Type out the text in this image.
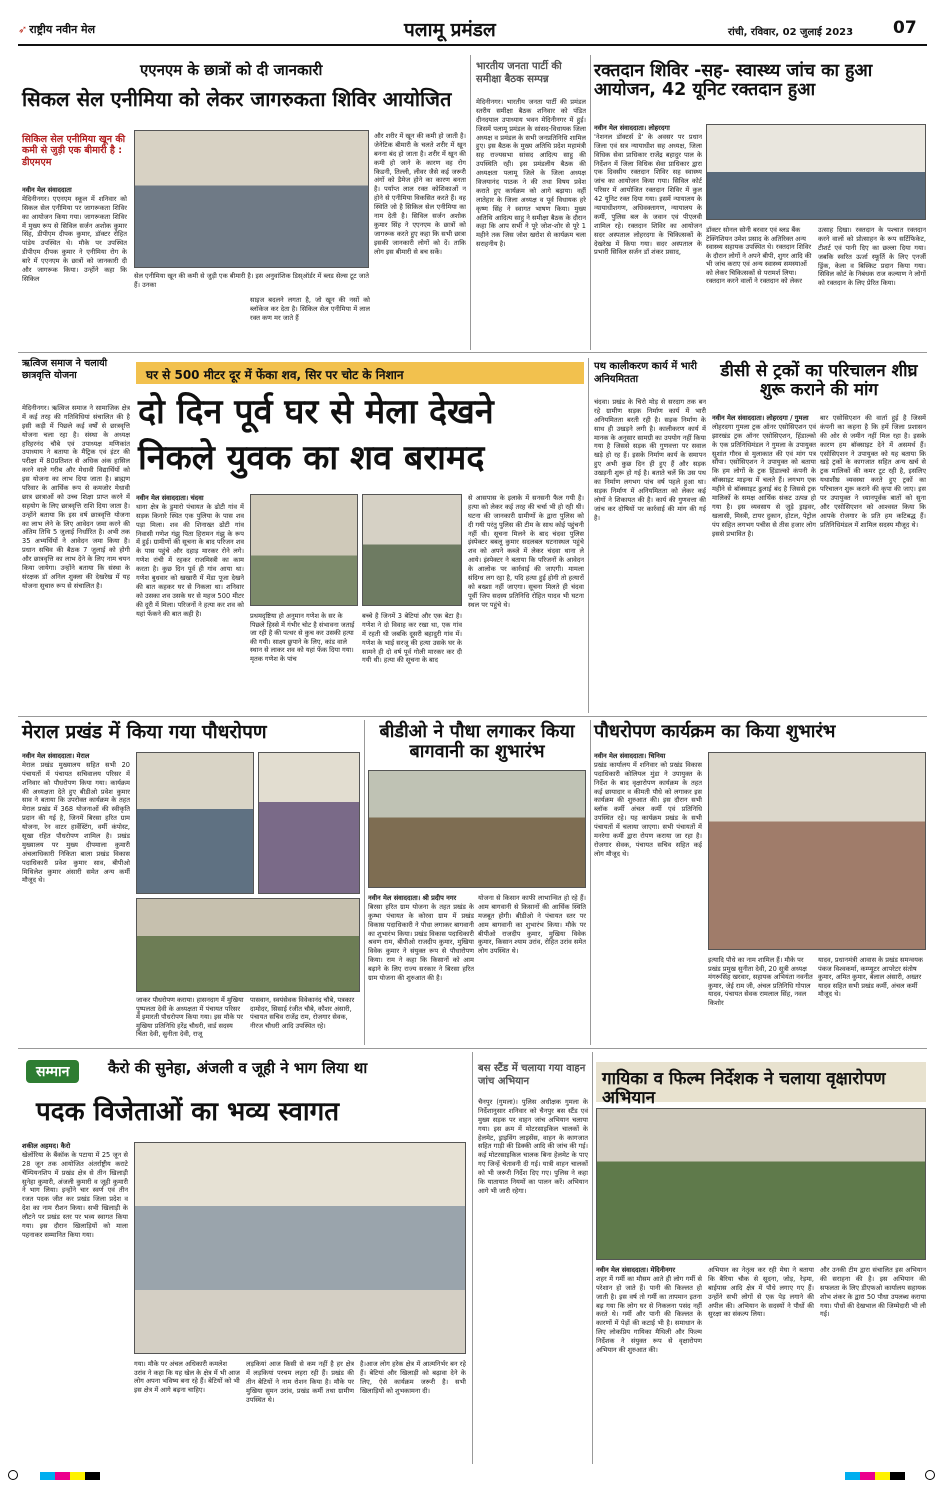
➶ राष्ट्रीय नवीन मेल	पलामू प्रमंडल	रांची, रविवार, 02 जुलाई 2023 07
एएनएम के छात्रों को दी जानकारी
सिकल सेल एनीमिया को लेकर जागरुकता शिविर आयोजित
सिकिल सेल एनीमिया खून की कमी से जुड़ी एक बीमारी है : डीएमएम
नवीन मेल संवाददाता
मेदिनीनगर। एएनएम स्कूल में शनिवार को सिकल सेल एनीमिया पर जागरूकता शिविर का आयोजन किया गया। जागरूकता शिविर में मुख्य रूप से सिविल सर्जन अशोक कुमार सिंह, डीपीएम दीपक कुमार, डॉक्टर रोहित पांडेय उपस्थित थे। मौके पर उपस्थित डीपीएम दीपक कुमार ने एनीमिया रोग के बारे में एएनएम के छात्रों को जानकारी दी और जागरूक किया। उन्होंने कहा कि सिकिल	सेल एनीमिया खून की कमी से जुड़ी एक बीमारी है। इस अनुवांशिक डिस्ऑर्डर में ब्लड सेल्स टूट जाते हैं। उनका
और शरीर में खून की कमी हो जाती है। जेनेटिक बीमारी के चलते शरीर में खून बनना बंद हो जाता है। शरीर में खून की कमी हो जाने के कारण वह रोग किडनी, तिल्ली, लीवर जैसे कई जरूरी अंगों को डैमेज होने का कारण बनता है। पर्याप्त लाल रक्त कोशिकाओं न होने से एनीमिया विकसित करते हैं। वह स्थिति जो है सिकिल सेल एनीमिया का नाम देती है। सिविल सर्जन अशोक कुमार सिंह ने एएनएम के छात्रों को जागरूक करते हुए कहा कि सभी छात्रा इसकी जानकारी लोगों को दें। ताकि लोग इस बीमारी से बच सकें।
साइज बदलने लगता है, जो खून की नसों को ब्लॉकेज कर देता है। सिकिल सेल एनीमिया में लाल रक्त कण मर जाते हैं
भारतीय जनता पार्टी की समीक्षा बैठक सम्पन्न
मेदिनीनगर। भारतीय जनता पार्टी की प्रमंडल स्तरीय समीक्षा बैठक शनिवार को पंडित दीनदयाल उपाध्याय भवन मेदिनीनगर में हुई। जिसमें पलामू प्रमंडल के सांसद-विधायक जिला अध्यक्ष व प्रमंडल के सभी जनप्रतिनिधि शामिल हुए। इस बैठक के मुख्य अतिथि प्रदेश महामंत्री सह राज्यसभा सांसद आदित्य साहु की उपस्थिति रही। इस प्रमंडलीय बैठक की अध्यक्षता पलामू जिले के जिला अध्यक्ष विजयानंद पाठक ने की तथा विषय प्रवेश कराते हुए कार्यक्रम को आगे बढ़ाया। वहीं लातेहार के जिला अध्यक्ष व पूर्व विधायक हरे कृष्ण सिंह ने स्वागत भाषण किया। मुख्य अतिथि आदित्य साहु ने समीक्षा बैठक के दौरान कहा कि आप सभी ने पूरे जोश-शोर से पूरे 1 महीने तक जिस जोश खरोश से कार्यक्रम चला सराहनीय है।
रक्तदान शिविर -सह- स्वास्थ्य जांच का हुआ आयोजन, 42 यूनिट रक्तदान हुआ
नवीन मेल संवाददाता। लोहरदगा
'नेशनल डॉक्टर्स डे' के अवसर पर प्रधान जिला एवं सत्र न्यायाधीश सह अध्यक्ष, जिला विधिक सेवा प्राधिकार राजेंद्र बहादुर पाल के निर्देशन में जिला विधिक सेवा प्राधिकार द्वारा एक दिवसीय रक्तदान शिविर सह स्वास्थ्य जांच का आयोजन किया गया। सिविल कोर्ट परिसर में आयोजित रक्तदान शिविर में कुल 42 यूनिट रक्त दिया गया। इसमें न्यायालय के न्यायाधीशगण, अधिवक्तागण, न्यायालय के कर्मी, पुलिस बल के जवान एवं पीएलवी शामिल रहे। रक्तदान शिविर का आयोजन सदर अस्पताल लोहरदगा के चिकित्सकों के देखरेख में किया गया। सदर अस्पताल के प्रभारी सिविल सर्जन डॉ शंकर प्रसाद,
डॉक्टर सोनल सोनी बरवार एवं ब्लड बैंक टेक्निशियन उमेश प्रसाद के अतिरिक्त अन्य स्वास्थ्य सहायक उपस्थित थे। रक्तदान शिविर के दौरान लोगों ने अपने बीपी, शुगर आदि की भी जांच कराए एवं अन्य स्वास्थ्य समस्याओं को लेकर चिकित्सकों से परामर्श लिया। रक्तदान करने वालों ने रक्तदान को लेकर
उत्साह दिखा। रक्तदान के पश्चात रक्तदान करने वालों को प्रोत्साहन के रूप सर्टिफिकेट, टीशर्ट एवं पानी दिए का छल्ला दिया गया। जबकि स्वरित ऊर्जा स्फूर्ति के लिए एनर्जी ड्रिंक, केला व बिस्किट प्रदान किया गया। सिविल कोर्ट के निबंधक राज कल्याण ने लोगों को रक्तदान के लिए प्रेरित किया।
ऋत्विज समाज ने चलायी छात्रवृत्ति योजना
मेदिनीनगर। ऋत्विज समाज ने सामाजिक क्षेत्र में कई तरह की गतिविधियां संचालित की है इसी कड़ी में पिछले कई वर्षों से छात्रवृत्ति योजना चला रहा है। संस्था के अध्यक्ष हरिहरनंद चौबे एवं उपाध्यक्ष मणिकांत उपाध्याय ने बताया के मैट्रिक एवं इंटर की परीक्षा में 80प्रतिशत से अधिक अंक हासिल करने वाले गरीब और मेधावी विद्यार्थियों को इस योजना का लाभ दिया जाता है। ब्राह्मण परिवार के आर्थिक रूप से कमजोर मेधावी छात्र छात्राओं को उच्च शिक्षा प्राप्त करने में सहयोग के लिए छात्रवृत्ति राशि दिया जाता है। उन्होंने बताया कि इस वर्ष छात्रवृत्ति योजना का लाभ लेने के लिए आवेदन जमा करने की अंतिम तिथि 5 जुलाई निर्धारित है। अभी तक 35 अभ्यर्थियों ने आवेदन जमा किया है। प्रधान सचिव की बैठक 7 जुलाई को होगी और छात्रवृत्ति का लाभ देने के लिए नाम चयन किया जायेगा। उन्होंने बताया कि संस्था के संरक्षक डॉ अनिल शुक्ला की देखरेख में यह योजना सुचारु रूप से संचालित है।
घर से 500 मीटर दूर में फेंका शव, सिर पर चोट के निशान
दो दिन पूर्व घर से मेला देखने
निकले युवक का शव बरामद
नवीन मेल संवाददाता। चंदवा
थाना क्षेत्र के डुमारो पंचायत के ढोटी गांव में सड़क किनारे स्थित एक पुलिया के पास शव पड़ा मिला। शव की शिनाख्त ढोटी गांव निवासी गणेश गंझु पिता हिरामन गंझु के रूप में हुई। ग्रामीणों की सूचना के बाद परिजन शव के पास पहुंचे और दहाड़ मारकर रोने लगे। गणेश रांची में रहकर राजमिस्त्री का काम करता है। कुछ दिन पूर्व ही गांव आया था।गणेश बुधवार को खखारी में मेंडा पूजा देखने की बात कहकर घर से निकला था। शनिवार को उसका शव उसके घर से महज 500 मीटर की दूरी में मिला। परिजनों ने हत्या कर शव को यहां फेंकने की बात कही है।	प्रथमदृष्टिया हो अनुमान गणेश के सर के पिछले हिस्से में गंभीर चोट है संभावना जताई जा रही है की पत्थर से कुच कर उसकी हत्या की गयी। साक्ष्य छुपाने के लिए, कांड वाले स्थान से लाकर शव को यहां फेंक दिया गया। मृतक गणेश के पांच
बच्चे है जिनमें 3 बेटियां और एक बेटा है। गणेश ने दो विवाह कर रखा था, एक गांव में रहती थी जबकि दूसरी बहादुरी गांव में। गणेश के भाई सरजू की हत्या उसके घर के सामने ही दो वर्ष पूर्व गोली मारकर कर दी गयी थी। हत्या की सूचना के बाद
से आसपास के इलाके में सनसनी फैल गयी है। हत्या को लेकर कई तरह की चर्चा भी हो रही थी। घटना की जानकारी ग्रामीणों के द्वारा पुलिस को दी गयी परंतु पुलिस की टीम के साथ कोई पहुंचनी नहीं थी। सूचना मिलने के बाद चंदवा पुलिस इंस्पेक्टर बबलू कुमार सदलबल घटनास्थल पहुंचे शव को अपने कब्जे में लेकर चंदवा थाना ले आये। इंस्पेक्टर ने बताया कि परिजनों के आवेदन के आलोक पर कार्रवाई की जाएगी। मामला संदिग्ध लग रहा है, यदि हत्या हुई होगी तो हत्यारों को बख्शा नहीं जाएगा। सूचना मिलते ही चंदवा पूर्वी जिप सदस्य प्रतिनिधि रोहित यादव भी घटना स्थल पर पहुंचे थे।
पथ कालीकरण कार्य में भारी अनियमितता
चंदवा। प्रखंड के चिरो मोड़ से सरदाग तक बन रहे ग्रामीण सड़क निर्माण कार्य में भारी अनियमितता बरती रही है। सड़क निर्माण के साथ ही उखड़ने लगी है। कालीकरण कार्य में मानक के अनुसार सामग्री का उपयोग नहीं किया गया है जिससे सड़क की गुणवत्ता पर सवाल खड़े हो रह हैं। इसके निर्माण कार्य के समापन हुए अभी कुछ दिन ही हुए हैं और सड़क उखड़नी शुरू हो गई है। बताते चलें कि उस पथ का निर्माण लगभग पांच वर्ष पहले हुआ था। सड़क निर्माण में अनियमितता को लेकर कई लोगों ने शिकायत की है। कार्य की गुणवत्ता की जांच कर दोषियों पर कार्रवाई की मांग की गई है।
डीसी से ट्रकों का परिचालन शीघ्र शुरू कराने की मांग
नवीन मेल संवाददाता। लोहरदगा / गुमला
लोहरदगा गुमला ट्रक ऑनर एसोसिएशन एवं झारखंड ट्रक ऑनर एसोसिएशन, हिंडाल्को के एक प्रतिनिधिमंडल ने गुमला के उपायुक्त सुशांत गौरव से मुलाकात की एवं मांग पत्र सौंपा। एसोसिएशन ने उपायुक्त को बताया कि हम लोगों के ट्रक हिंडाल्को कंपनी के बॉक्साइट माइन्स में चलते हैं। लगभग एक महीने से बॉक्साइट ढुलाई बंद है जिससे ट्रक मालिकों के समक्ष आर्थिक संकट उत्पन्न हो गया है। इस व्यवसाय से जुड़े ड्राइवर, खलासी, मिस्त्री, टायर दुकान, होटल, पेट्रोल पंप सहित लगभग पचीस से तीस हजार लोग इससे प्रभावित है।
बार एसोसिएशन की वार्ता हुई है जिसमें कंपनी का कहना है कि हमें जिला प्रशासन की ओर से जमीन नहीं मिल रहा है। इसके कारण हम बॉक्साइट देने में असमर्थ हैं। एसोसिएशन ने उपायुक्त को यह बताया कि खड़े ट्रकों के कागजात सहित अन्य खर्च से ट्रक मालिकों की कमर टूट रही है, इसलिए यथाशीघ्र व्यवस्था करते हुए ट्रकों का परिचालन शुरू कराने की कृपा की जाए। इस पर उपायुक्त ने ध्यानपूर्वक बातों को सुना और एसोसिएशन को आश्वस्त किया कि आपके रोजगार के प्रति हम कटिबद्ध हैं। प्रतिनिधिमंडल में शामिल सदस्य मौजूद थे।
मेराल प्रखंड में किया गया पौधरोपण
नवीन मेल संवाददाता। मेराल
मेराल प्रखंड मुख्यालय सहित सभी 20 पंचायतों में पंचायत सचिवालय परिसर में शनिवार को पौधरोपण किया गया। कार्यक्रम की अध्यक्षता देते हुए बीडीओ प्रवेश कुमार साव ने बताया कि उपरोक्त कार्यक्रम के तहत मेराल प्रखंड में 368 योजनाओं की स्वीकृति प्रदान की गई है, जिनमें बिरसा हरित ग्राम योजना, रेन वाटर हार्वेस्टिंग, वर्मी कंपोस्ट, सूखा रहित पौधरोपण शामिल है। प्रखंड मुख्यालय पर मुख्य दीपमाला कुमारी अंचलाधिकारी निकिता बाला प्रखंड विकास पदाधिकारी प्रवेश कुमार साव, बीपीओ मिथिलेश कुमार अंसारी समेत अन्य कर्मी मौजूद थे।
जाकर पौधरोपण कराया। हासनदाग में मुखिया पुष्पलता देवी के अध्यक्षता में पंचायत परिसर में इमारती पौधरोपण किया गया। इस मौके पर मुखिया प्रतिनिधि हरेंद्र चौधरी, वार्ड सदस्य चिंता देवी, सुनीता देवी, राजू
पासवान, स्वयंसेवक विवेकानंद चौबे, पत्रकार दामोदर, सिसाई रंजीत चौबे, कौशर अंसारी, पंचायत सचिव राजेंद्र राम, रोजगार सेवक, नीरज चौधरी आदि उपस्थित रहे।
बीडीओ ने पौधा लगाकर किया बागवानी का शुभारंभ
नवीन मेल संवाददाता। श्री प्रदीप नगर
बिरसा हरित ग्राम योजना के तहत प्रखंड के कुम्भा पंचायत के कोरवा ग्राम में प्रखंड विकास पदाधिकारी ने पौधा लगाकर बागवानी का शुभारंभ किया। प्रखंड विकास पदाधिकारी श्रवण राम, बीपीओ राजदीप कुमार, मुखिया विवेक कुमार ने संयुक्त रूप से पौधारोपण किया। राम ने कहा कि किसानों को आम बढ़ाने के लिए राज्य सरकार ने बिरसा हरित ग्राम योजना की शुरुआत की है।
योजना से किसान काफी लाभान्वित हो रहे हैं। आम बागवानी से किसानों की आर्थिक स्थिति मजबूत होगी। बीडीओ ने पंचायत स्तर पर आम बागवानी का शुभारंभ किया। मौके पर बीपीओ राजदीप कुमार, मुखिया विवेक कुमार, किसान श्याम उरांव, रोहित उरांव समेत लोग उपस्थित थे।
पौधरोपण कार्यक्रम का किया शुभारंभ
नवीन मेल संवाददाता। चिनिया
प्रखंड कार्यालय में शनिवार को प्रखंड विकास पदाधिकारी कोलियल मुंडा ने उपायुक्त के निर्देश के बाद वृक्षारोपण कार्यक्रम के तहत कई छायादार व कीमती पौधे को लगाकर इस कार्यक्रम की शुरुआत की। इस दौरान सभी ब्लॉक कर्मी अंचल कर्मी एवं प्रतिनिधि उपस्थित रहे। यह कार्यक्रम प्रखंड के सभी पंचायतों में चलाया जाएगा। सभी पंचायतों में मनरेगा कर्मी द्वारा रोपण कराया जा रहा है। रोजगार सेवक, पंचायत सचिव सहित कई लोग मौजूद थे।
इत्यादि पौधे का नाम शामिल हैं। मौके पर प्रखंड प्रमुख सुनीता देवी, 20 सूत्री अध्यक्ष मंगरूसिंह खरवार, सहायक अभियंता नवनीत कुमार, जेई राम जी, अंचल प्रतिनिधि गोपाल यादव, पंचायत सेवक रामलाल सिंह, नवल किशोर
यादव, प्रधानमंत्री आवास के प्रखंड समन्वयक पंकज विश्वकर्मा, कम्प्यूटर आपरेटर संतोष कुमार, अमित कुमार, बेलाल अंसारी, अख्तर यादव सहित सभी प्रखंड कर्मी, अंचल कर्मी मौजूद थे।
सम्मान	कैरो की सुनेहा, अंजली व जूही ने भाग लिया था
पदक विजेताओं का भव्य स्वागत
शकील अहमद। कैरो
खेलोंरिया के बैंकॉक के पटाया में 25 जून से 28 जून तक आयोजित अंतर्राष्ट्रीय कराटे चैम्पियनशिप में प्रखंड क्षेत्र से तीन खिलाड़ी सुनेहा कुमारी, अंजली कुमारी व जूही कुमारी ने भाग लिया। इन्होंने चार स्वर्ण एवं तीन रजत पदक जीत कर प्रखंड जिला प्रदेश व देश का नाम रौशन किया। सभी खिलाड़ी के लौटने पर प्रखंड स्तर पर भव्य स्वागत किया गया। इस दौरान खिलाड़ियों को माला पहनाकर सम्मानित किया गया।
गया। मौके पर अंचल अधिकारी कमलेश उरांव ने कहा कि यह खेल के क्षेत्र में भी आज लोग अपना भविष्य बना रहे हैं। बेटियों को भी इस क्षेत्र में आगे बढ़ना चाहिए।
लड़कियां आज किसी से कम नहीं है हर क्षेत्र में लड़कियां परचम लहरा रही हैं। प्रखंड की तीन बेटियों ने नाम रोशन किया है। मौके पर मुखिया सुमन उरांव, प्रखंड कर्मी तथा ग्रामीण उपस्थित थे।
है।आज लोग हरेक क्षेत्र में आत्मनिर्भर बन रहे हैं। बेटियां और खिलाड़ी को बढ़ावा देने के लिए, ऐसे कार्यक्रम जरूरी है। सभी खिलाड़ियों को शुभकामना दी।
बस स्टैंड में चलाया गया वाहन जांच अभियान
चैनपुर (गुमला)। पुलिस अधीक्षक गुमला के निर्देशानुसार शनिवार को चैनपुर बस स्टैंड एवं मुख्य सड़क पर वाहन जांच अभियान चलाया गया। इस क्रम में मोटरसाइकिल चालकों के हेलमेट, ड्राइविंग लाइसेंस, वाहन के कागजात सहित गाड़ी की डिक्की आदि की जांच की गई। कई मोटरसाइकिल चालक बिना हेलमेट के पाए गए जिन्हें चेतावनी दी गई। यात्री वाहन चालकों को भी जरूरी निर्देश दिए गए। पुलिस ने कहा कि यातायात नियमों का पालन करें। अभियान आगे भी जारी रहेगा।
गायिका व फिल्म निर्देशक ने चलाया वृक्षारोपण अभियान
नवीन मेल संवाददाता। मेदिनीनगर
शहर में गर्मी का मौसम आते ही लोग गर्मी से परेशान हो जाते हैं। पानी की किल्लत हो जाती है। इस वर्ष तो गर्मी का तापमान इतना बढ़ गया कि लोग घर से निकलना पसंद नहीं करते थे। गर्मी और पानी की किल्लत के कारणों में पेड़ों की कटाई भी है। समाधान के लिए लोकप्रिय गायिका मैथिली और फिल्म निर्देशक ने संयुक्त रूप से वृक्षारोपण अभियान की शुरुआत की।
अभियान का नेतृत्व कर रही मेघा ने बताया कि बैरिया चौक से सूदना, जोड़, रेड़मा, बाईपास आदि क्षेत्र में पौधे लगाए गए हैं। उन्होंने सभी लोगों से एक पेड़ लगाने की अपील की। अभियान के सदस्यों ने पौधों की सुरक्षा का संकल्प लिया।
और उनकी टीम द्वारा संचालित इस अभियान की सराहना की है। इस अभियान की सफलता के लिए डीएफओ कार्यालय सहायक शोभ शंकर के द्वारा 50 पौधा उपलब्ध कराया गया। पौधों की देखभाल की जिम्मेदारी भी ली गई।
